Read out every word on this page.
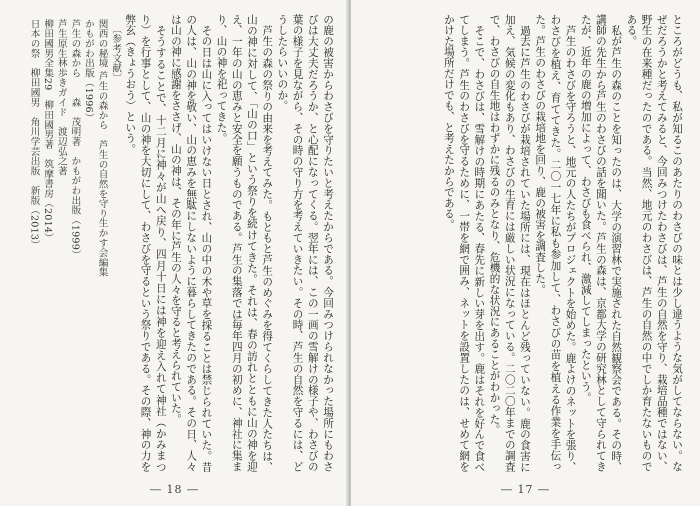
の鹿の被害からわさびを守りたいと考えたからである。今回みつけられなかった場所にもわさびは大丈夫だろうか、と心配になってくる。翌年には、この一画の雪解けの様子や、わさびの葉の様子を見ながら、その時の守り方を考えていきたい。その時、芦生の自然を守るには、どうしたらいいのか。

芦生の森の祭りの由来を考えてみた。もともと芦生のめぐみを得てくらしてきた人たちは、山の神に対して、「山の口」という祭りを続けてきた。それは、春の訪れとともに山の神を迎え、一年の山の恵みと安全を願うものである。芦生の集落では毎年四月の初めに、神社に集まり、山の神を祀ってきた。

その日は山に入ってはいけない日とされ、山の中の木や草を採ることは禁じられていた。昔の人は、山の神を敬い、山の恵みを無駄にしないように暮らしてきたのである。その日、人々は山の神に感謝をささげ、山の神は、その年に芦生の人々を守ると考えられていた。

そうすることで、十二月に神々が山へ戻り、四月十日には神を迎え入れて神社（かみまつり）を行事として、山の神を大切にして、わさびを守るという祭りである。その際、神の力を弊玄（きょうおう）という。

〔参考文献〕

関西の秘境 芦生の森から　芦生の自然を守り生かす会編集

かもがわ出版（1996）

芦生の森から　　森　茂明著　かもがわ出版（1999）

芦生原生林歩きガイド　渡辺弘之著

柳田國男全集29　柳田國男著　筑摩書房（2014）

日本の祭　柳田國男　角川学芸出版　新版（2013）

― 18 ―

ところがどうも、私が知るこのあたりのわさびの味とは少し違うような気がしてならない。なぜだろうかと考えてみると、今回みつけたわさびは、芦生の自然を守り、栽培品種ではない、野生の在来種だったのである。当然、地元のわさびは、芦生の自然の中でしか育たないものである。

私が芦生の森のことを知ったのは、大学の演習林で実施された自然観察会である。その時、講師の先生から芦生のわさびの話を聞いた。芦生の森は、京都大学の研究林として守られてきたが、近年の鹿の増加によって、わさびも食べられ、激減してしまったという。

芦生のわさびを守ろうと、地元の人たちがプロジェクトを始めた。鹿よけのネットを張り、わさびを植え、育ててきた。二〇一七年に私も参加して、わさびの苗を植える作業を手伝った。芦生のわさびの栽培地を回り、鹿の被害を調査した。

過去に芦生のわさびが栽培されていた場所には、現在はほとんど残っていない。鹿の食害に加え、気候の変化もあり、わさびの生育には厳しい状況になっている。二〇二〇年までの調査で、わさびの自生地はわずかに残るのみとなり、危機的な状況にあることがわかった。

そこで、わさびは、雪解けの時期にあたる、春先に新しい芽を出す。鹿はそれを好んで食べてしまう。芦生のわさびを守るために、一帯を網で囲み、ネットを設置したのは、せめて網をかけた場所だけでも、と考えたからである。

― 17 ―
